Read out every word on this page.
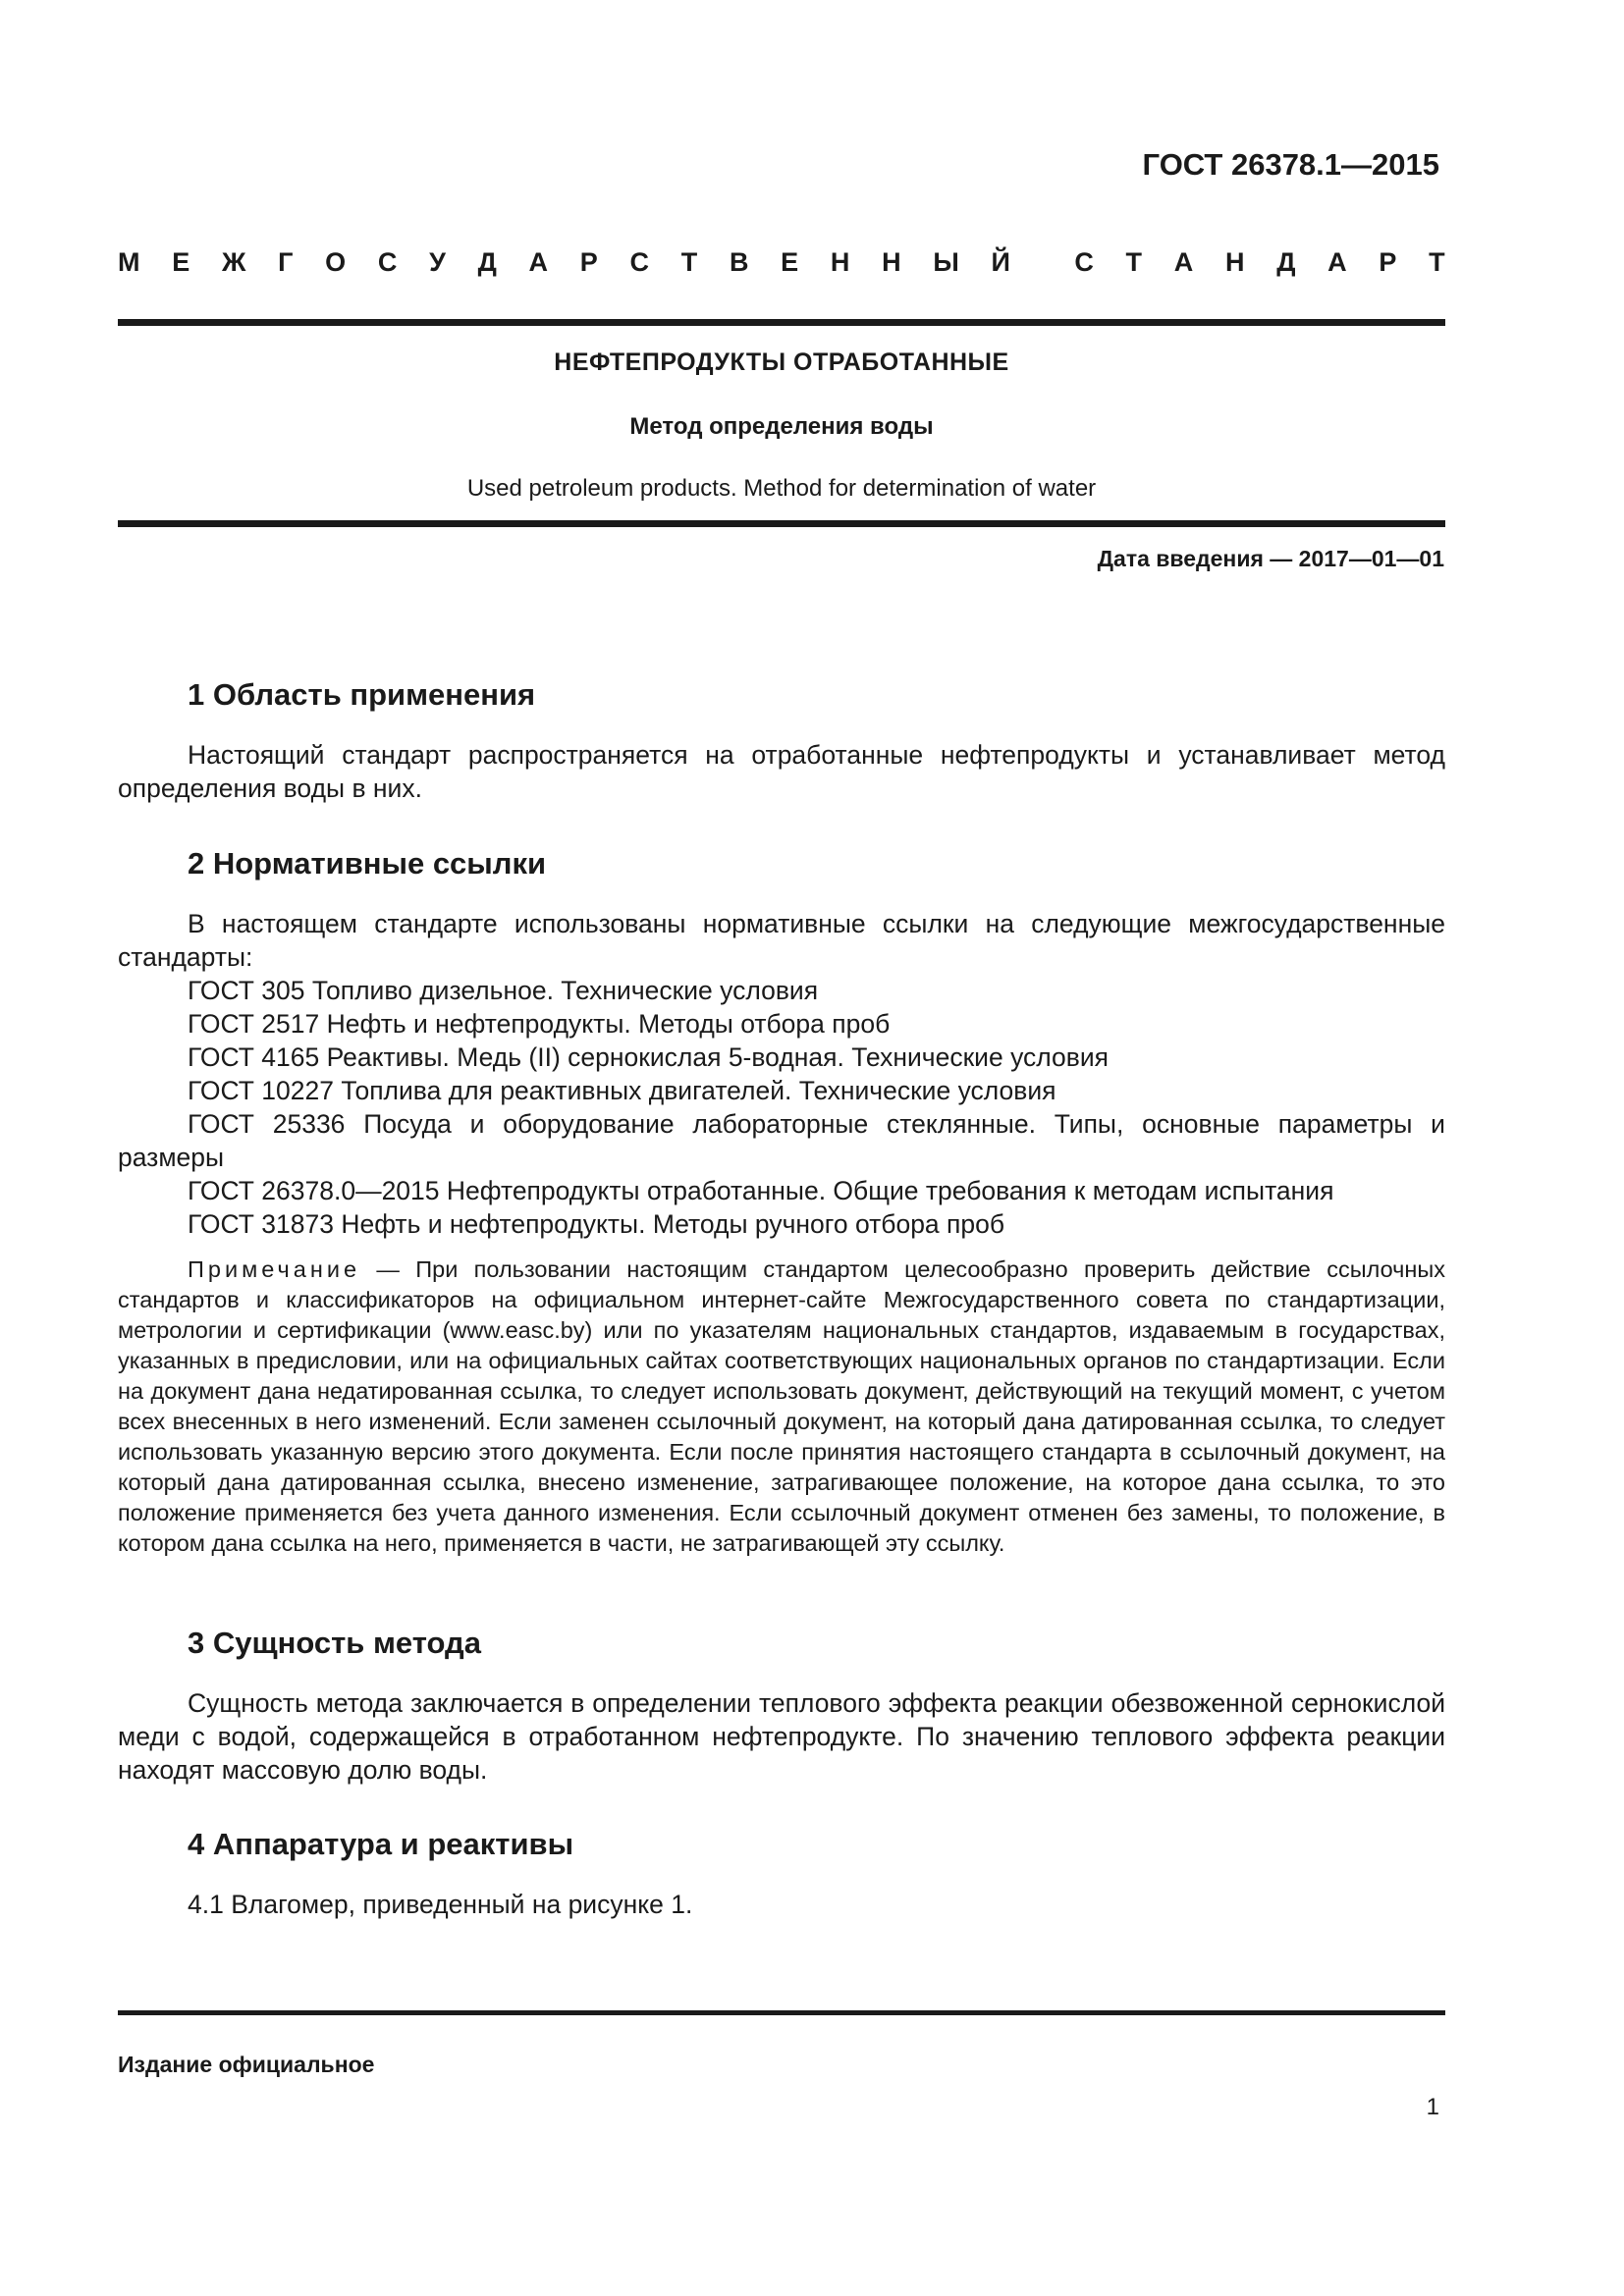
ГОСТ 26378.1—2015
М Е Ж Г О С У Д А Р С Т В Е Н Н Ы Й С Т А Н Д А Р Т
НЕФТЕПРОДУКТЫ ОТРАБОТАННЫЕ
Метод определения воды
Used petroleum products. Method for determination of water
Дата введения — 2017—01—01
1 Область применения
Настоящий стандарт распространяется на отработанные нефтепродукты и устанавливает метод определения воды в них.
2 Нормативные ссылки
В настоящем стандарте использованы нормативные ссылки на следующие межгосударственные стандарты:
ГОСТ 305 Топливо дизельное. Технические условия
ГОСТ 2517 Нефть и нефтепродукты. Методы отбора проб
ГОСТ 4165 Реактивы. Медь (II) сернокислая 5-водная. Технические условия
ГОСТ 10227 Топлива для реактивных двигателей. Технические условия
ГОСТ 25336 Посуда и оборудование лабораторные стеклянные. Типы, основные параметры и размеры
ГОСТ 26378.0—2015 Нефтепродукты отработанные. Общие требования к методам испытания
ГОСТ 31873 Нефть и нефтепродукты. Методы ручного отбора проб
Примечание — При пользовании настоящим стандартом целесообразно проверить действие ссылочных стандартов и классификаторов на официальном интернет-сайте Межгосударственного совета по стандартизации, метрологии и сертификации (www.easc.by) или по указателям национальных стандартов, издаваемым в государствах, указанных в предисловии, или на официальных сайтах соответствующих национальных органов по стандартизации. Если на документ дана недатированная ссылка, то следует использовать документ, действующий на текущий момент, с учетом всех внесенных в него изменений. Если заменен ссылочный документ, на который дана датированная ссылка, то следует использовать указанную версию этого документа. Если после принятия настоящего стандарта в ссылочный документ, на который дана датированная ссылка, внесено изменение, затрагивающее положение, на которое дана ссылка, то это положение применяется без учета данного изменения. Если ссылочный документ отменен без замены, то положение, в котором дана ссылка на него, применяется в части, не затрагивающей эту ссылку.
3 Сущность метода
Сущность метода заключается в определении теплового эффекта реакции обезвоженной сернокислой меди с водой, содержащейся в отработанном нефтепродукте. По значению теплового эффекта реакции находят массовую долю воды.
4 Аппаратура и реактивы
4.1 Влагомер, приведенный на рисунке 1.
Издание официальное
1
